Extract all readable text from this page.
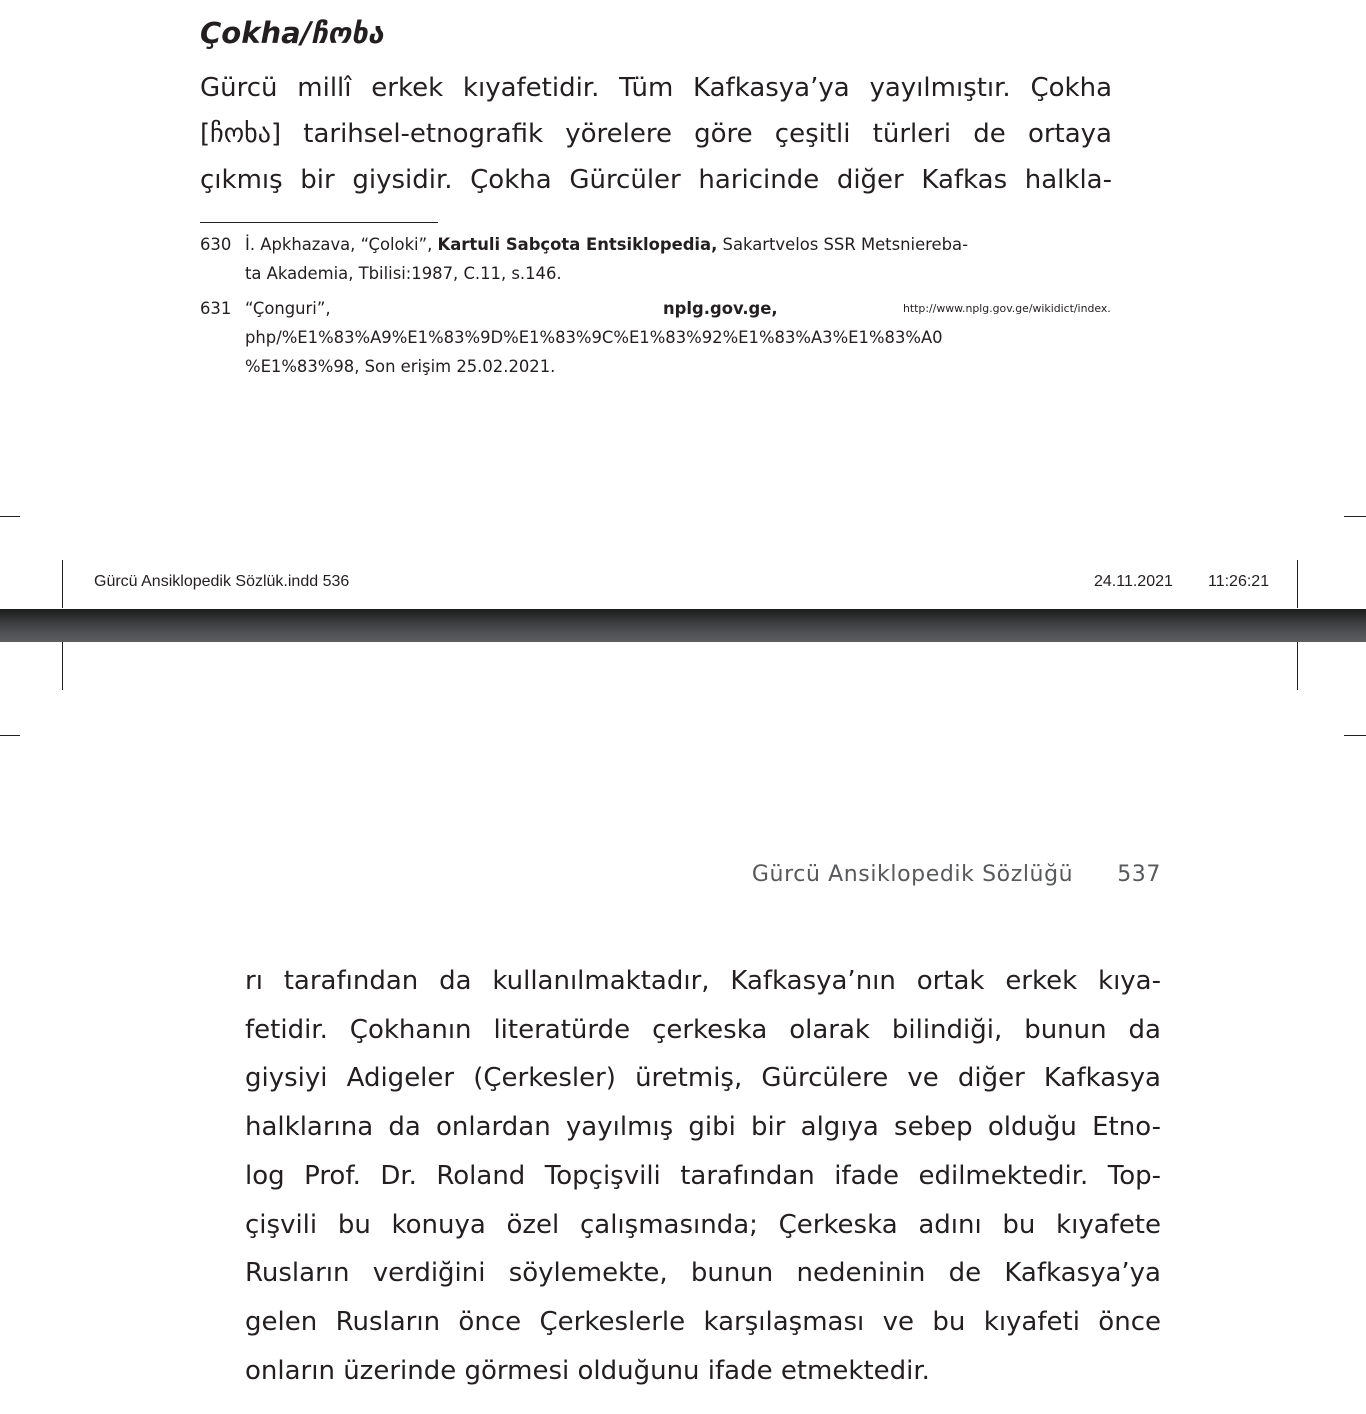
Çokha/ჩოხა
Gürcü millî erkek kıyafetidir. Tüm Kafkasya’ya yayılmıştır. Çokha
[ჩოხა] tarihsel-etnografik yörelere göre çeşitli türleri de ortaya
çıkmış bir giysidir. Çokha Gürcüler haricinde diğer Kafkas halkla-
630 İ. Apkhazava, “Çoloki”, Kartuli Sabçota Entsiklopedia, Sakartvelos SSR Metsniereba-
ta Akademia, Tbilisi:1987, C.11, s.146.
631 “Çonguri”,	nplg.gov.ge,	http://www.nplg.gov.ge/wikidict/index.
php/%E1%83%A9%E1%83%9D%E1%83%9C%E1%83%92%E1%83%A3%E1%83%A0
%E1%83%98, Son erişim 25.02.2021.
Gürcü Ansiklopedik Sözlük.indd 536	24.11.2021 11:26:21
Gürcü Ansiklopedik Sözlüğü 537
rı tarafından da kullanılmaktadır, Kafkasya’nın ortak erkek kıya-
fetidir. Çokhanın literatürde çerkeska olarak bilindiği, bunun da
giysiyi Adigeler (Çerkesler) üretmiş, Gürcülere ve diğer Kafkasya
halklarına da onlardan yayılmış gibi bir algıya sebep olduğu Etno-
log Prof. Dr. Roland Topçişvili tarafından ifade edilmektedir. Top-
çişvili bu konuya özel çalışmasında; Çerkeska adını bu kıyafete
Rusların verdiğini söylemekte, bunun nedeninin de Kafkasya’ya
gelen Rusların önce Çerkeslerle karşılaşması ve bu kıyafeti önce
onların üzerinde görmesi olduğunu ifade etmektedir.
